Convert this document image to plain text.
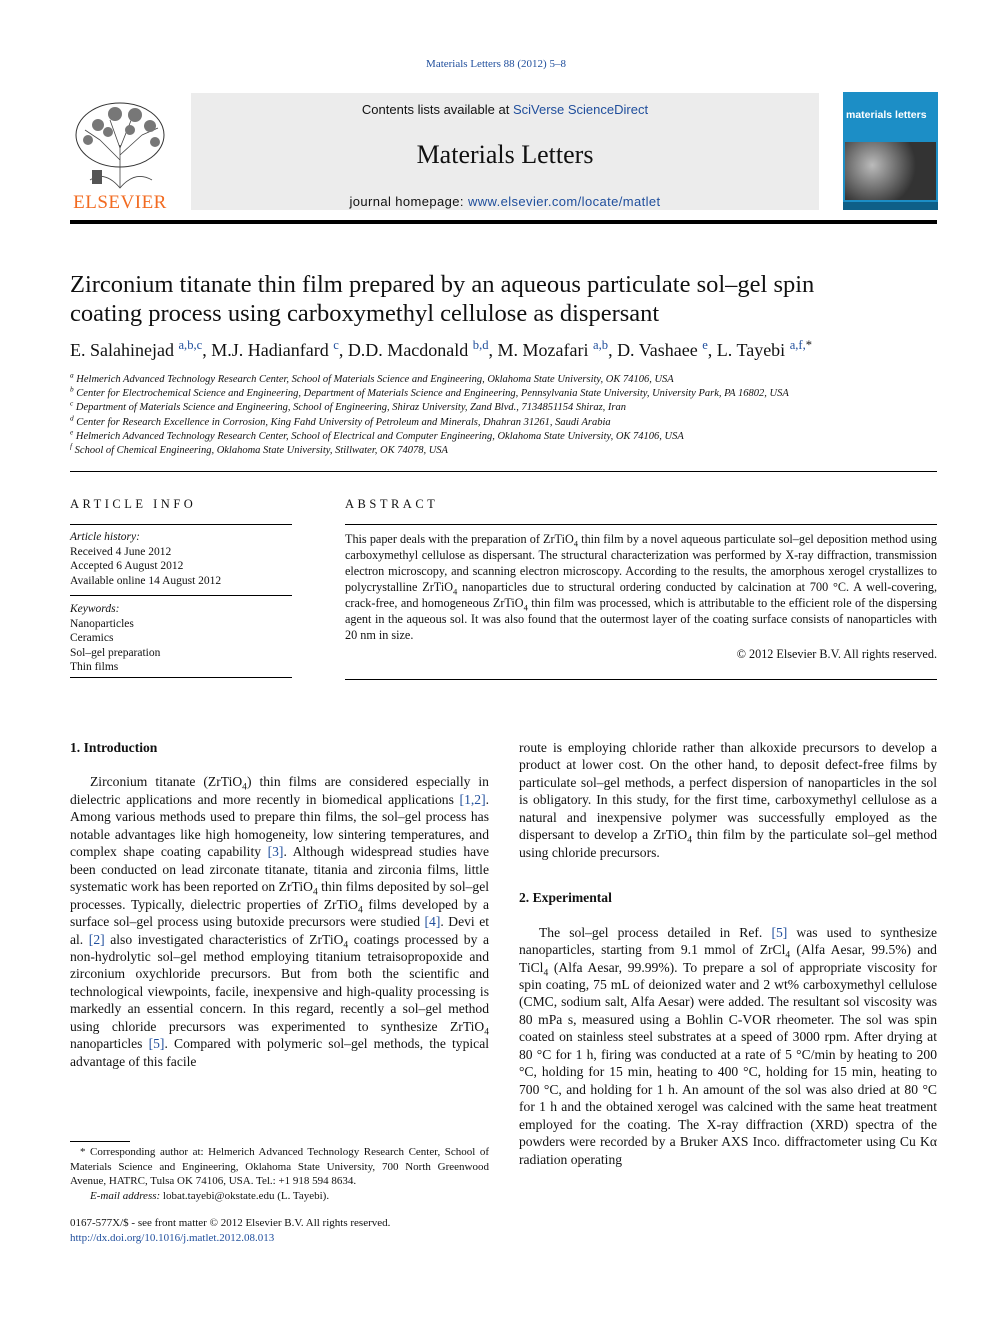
Materials Letters 88 (2012) 5–8
ELSEVIER
Contents lists available at SciVerse ScienceDirect
Materials Letters
journal homepage: www.elsevier.com/locate/matlet
materials letters
Zirconium titanate thin film prepared by an aqueous particulate sol–gel spin
coating process using carboxymethyl cellulose as dispersant
E. Salahinejad $^{a,b,c}$, M.J. Hadianfard $^c$, D.D. Macdonald $^{b,d}$, M. Mozafari $^{a,b}$, D. Vashaee $^e$, L. Tayebi $^{a,f,*}$
$^a$ Helmerich Advanced Technology Research Center, School of Materials Science and Engineering, Oklahoma State University, OK 74106, USA
$^b$ Center for Electrochemical Science and Engineering, Department of Materials Science and Engineering, Pennsylvania State University, University Park, PA 16802, USA
$^c$ Department of Materials Science and Engineering, School of Engineering, Shiraz University, Zand Blvd., 7134851154 Shiraz, Iran
$^d$ Center for Research Excellence in Corrosion, King Fahd University of Petroleum and Minerals, Dhahran 31261, Saudi Arabia
$^e$ Helmerich Advanced Technology Research Center, School of Electrical and Computer Engineering, Oklahoma State University, OK 74106, USA
$^f$ School of Chemical Engineering, Oklahoma State University, Stillwater, OK 74078, USA
ARTICLE INFO
Article history:
Received 4 June 2012
Accepted 6 August 2012
Available online 14 August 2012
Keywords:
Nanoparticles
Ceramics
Sol–gel preparation
Thin films
ABSTRACT
This paper deals with the preparation of ZrTiO$_4$ thin film by a novel aqueous particulate sol–gel deposition method using carboxymethyl cellulose as dispersant. The structural characterization was performed by X-ray diffraction, transmission electron microscopy, and scanning electron microscopy. According to the results, the amorphous xerogel crystallizes to polycrystalline ZrTiO$_4$ nanoparticles due to structural ordering conducted by calcination at 700 °C. A well-covering, crack-free, and homogeneous ZrTiO$_4$ thin film was processed, which is attributable to the efficient role of the dispersing agent in the aqueous sol. It was also found that the outermost layer of the coating surface consists of nanoparticles with 20 nm in size.
© 2012 Elsevier B.V. All rights reserved.
1. Introduction

Zirconium titanate (ZrTiO$_4$) thin films are considered especially in dielectric applications and more recently in biomedical applications [1,2]. Among various methods used to prepare thin films, the sol–gel process has notable advantages like high homogeneity, low sintering temperatures, and complex shape coating capability [3]. Although widespread studies have been conducted on lead zirconate titanate, titania and zirconia films, little systematic work has been reported on ZrTiO$_4$ thin films deposited by sol–gel processes. Typically, dielectric properties of ZrTiO$_4$ films developed by a surface sol–gel process using butoxide precursors were studied [4]. Devi et al. [2] also investigated characteristics of ZrTiO$_4$ coatings processed by a non-hydrolytic sol–gel method employing titanium tetraisopropoxide and zirconium oxychloride precursors. But from both the scientific and technological viewpoints, facile, inexpensive and high-quality processing is markedly an essential concern. In this regard, recently a sol–gel method using chloride precursors was experimented to synthesize ZrTiO$_4$ nanoparticles [5]. Compared with polymeric sol–gel methods, the typical advantage of this facile

* Corresponding author at: Helmerich Advanced Technology Research Center, School of Materials Science and Engineering, Oklahoma State University, 700 North Greenwood Avenue, HATRC, Tulsa OK 74106, USA. Tel.: +1 918 594 8634.
E-mail address: lobat.tayebi@okstate.edu (L. Tayebi).
0167-577X/$ - see front matter © 2012 Elsevier B.V. All rights reserved.
http://dx.doi.org/10.1016/j.matlet.2012.08.013

route is employing chloride rather than alkoxide precursors to develop a product at lower cost. On the other hand, to deposit defect-free films by particulate sol–gel methods, a perfect dispersion of nanoparticles in the sol is obligatory. In this study, for the first time, carboxymethyl cellulose as a natural and inexpensive polymer was successfully employed as the dispersant to develop a ZrTiO$_4$ thin film by the particulate sol–gel method using chloride precursors.

2. Experimental

The sol–gel process detailed in Ref. [5] was used to synthesize nanoparticles, starting from 9.1 mmol of ZrCl$_4$ (Alfa Aesar, 99.5%) and TiCl$_4$ (Alfa Aesar, 99.99%). To prepare a sol of appropriate viscosity for spin coating, 75 mL of deionized water and 2 wt% carboxymethyl cellulose (CMC, sodium salt, Alfa Aesar) were added. The resultant sol viscosity was 80 mPa s, measured using a Bohlin C-VOR rheometer. The sol was spin coated on stainless steel substrates at a speed of 3000 rpm. After drying at 80 °C for 1 h, firing was conducted at a rate of 5 °C/min by heating to 200 °C, holding for 15 min, heating to 400 °C, holding for 15 min, heating to 700 °C, and holding for 1 h. An amount of the sol was also dried at 80 °C for 1 h and the obtained xerogel was calcined with the same heat treatment employed for the coating. The X-ray diffraction (XRD) spectra of the powders were recorded by a Bruker AXS Inco. diffractometer using Cu Kα radiation operating
